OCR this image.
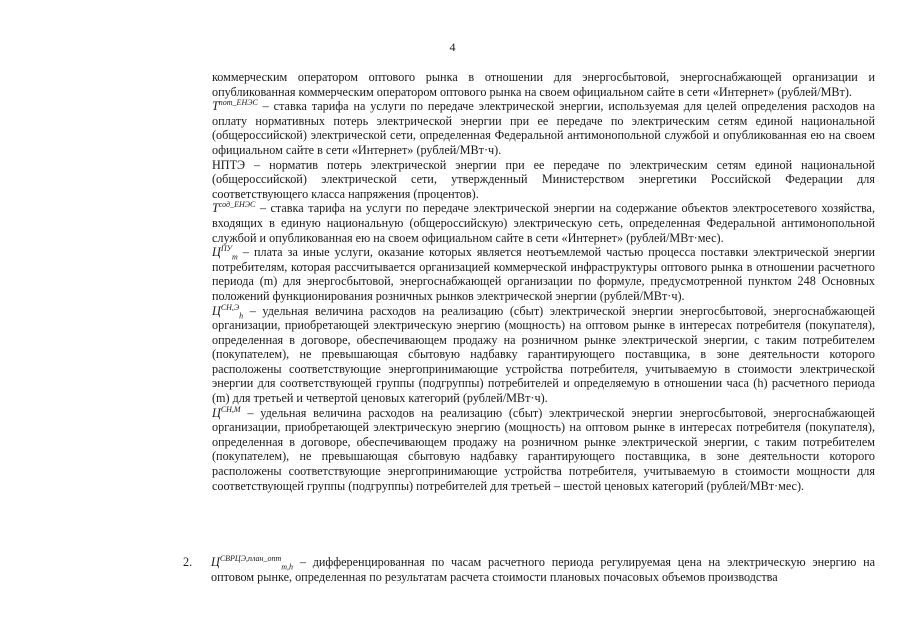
4

коммерческим оператором оптового рынка в отношении для энергосбытовой, энергоснабжающей организации и опубликованная коммерческим оператором оптового рынка на своем официальном сайте в сети «Интернет» (рублей/МВт).

$T^{пот\_ЕНЭС}$ – ставка тарифа на услуги по передаче электрической энергии, используемая для целей определения расходов на оплату нормативных потерь электрической энергии при ее передаче по электрическим сетям единой национальной (общероссийской) электрической сети, определенная Федеральной антимонопольной службой и опубликованная ею на своем официальном сайте в сети «Интернет» (рублей/МВт·ч).

НПТЭ – норматив потерь электрической энергии при ее передаче по электрическим сетям единой национальной (общероссийской) электрической сети, утвержденный Министерством энергетики Российской Федерации для соответствующего класса напряжения (процентов).

$T^{сод\_ЕНЭС}$ – ставка тарифа на услуги по передаче электрической энергии на содержание объектов электросетевого хозяйства, входящих в единую национальную (общероссийскую) электрическую сеть, определенная Федеральной антимонопольной службой и опубликованная ею на своем официальном сайте в сети «Интернет» (рублей/МВт·мес).

$Ц^{ПУ}_m$ – плата за иные услуги, оказание которых является неотъемлемой частью процесса поставки электрической энергии потребителям, которая рассчитывается организацией коммерческой инфраструктуры оптового рынка в отношении расчетного периода (m) для энергосбытовой, энергоснабжающей организации по формуле, предусмотренной пунктом 248 Основных положений функционирования розничных рынков электрической энергии (рублей/МВт·ч).

$Ц^{СН,Э}_h$ – удельная величина расходов на реализацию (сбыт) электрической энергии энергосбытовой, энергоснабжающей организации, приобретающей электрическую энергию (мощность) на оптовом рынке в интересах потребителя (покупателя), определенная в договоре, обеспечивающем продажу на розничном рынке электрической энергии, с таким потребителем (покупателем), не превышающая сбытовую надбавку гарантирующего поставщика, в зоне деятельности которого расположены соответствующие энергопринимающие устройства потребителя, учитываемую в стоимости электрической энергии для соответствующей группы (подгруппы) потребителей и определяемую в отношении часа (h) расчетного периода (m) для третьей и четвертой ценовых категорий (рублей/МВт·ч).

$Ц^{СН,М}$ – удельная величина расходов на реализацию (сбыт) электрической энергии энергосбытовой, энергоснабжающей организации, приобретающей электрическую энергию (мощность) на оптовом рынке в интересах потребителя (покупателя), определенная в договоре, обеспечивающем продажу на розничном рынке электрической энергии, с таким потребителем (покупателем), не превышающая сбытовую надбавку гарантирующего поставщика, в зоне деятельности которого расположены соответствующие энергопринимающие устройства потребителя, учитываемую в стоимости мощности для соответствующей группы (подгруппы) потребителей для третьей – шестой ценовых категорий (рублей/МВт·мес).

2.	$Ц^{СВРЦЭ,план\_опт}_{m,h}$ – дифференцированная по часам расчетного периода регулируемая цена на электрическую энергию на оптовом рынке, определенная по результатам расчета стоимости плановых почасовых объемов производства
